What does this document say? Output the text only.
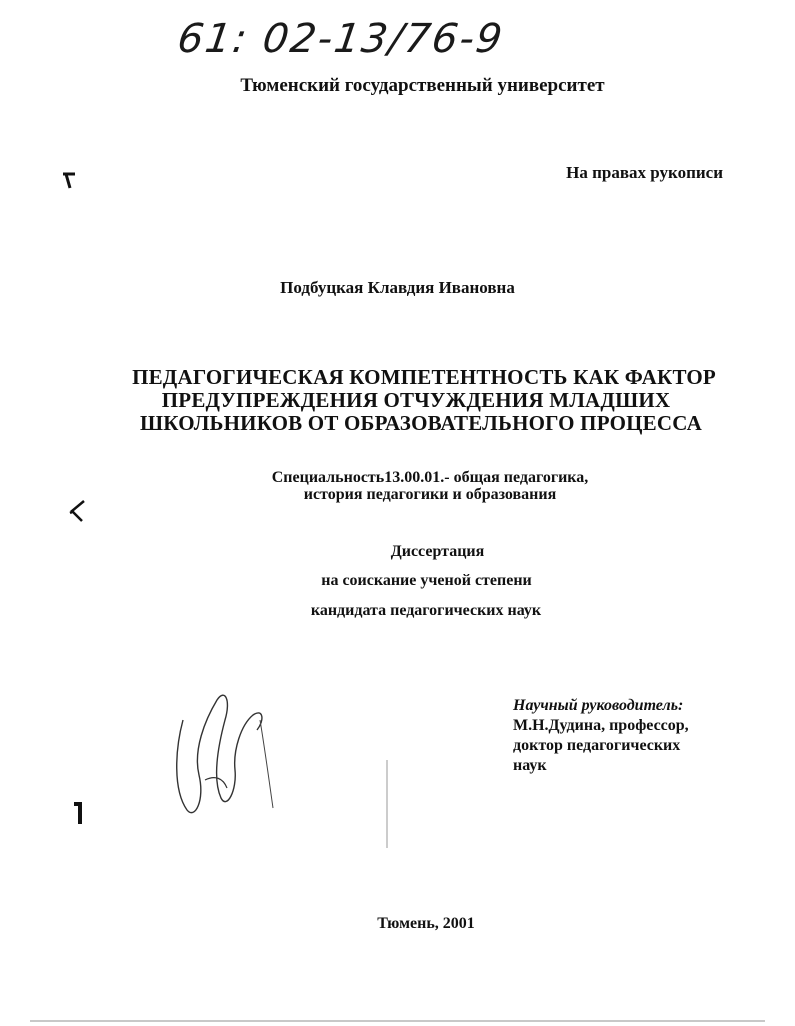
61: 02-13/76-9
Тюменский государственный университет
На правах рукописи
Подбуцкая Клавдия Ивановна
ПЕДАГОГИЧЕСКАЯ КОМПЕТЕНТНОСТЬ КАК ФАКТОР
ПРЕДУПРЕЖДЕНИЯ ОТЧУЖДЕНИЯ МЛАДШИХ
ШКОЛЬНИКОВ ОТ ОБРАЗОВАТЕЛЬНОГО ПРОЦЕССА
Специальность13.00.01.- общая педагогика,
история педагогики и образования
Диссертация
на соискание ученой степени
кандидата педагогических наук
Научный руководитель:
М.Н.Дудина, профессор,
доктор педагогических
наук
Тюмень, 2001
